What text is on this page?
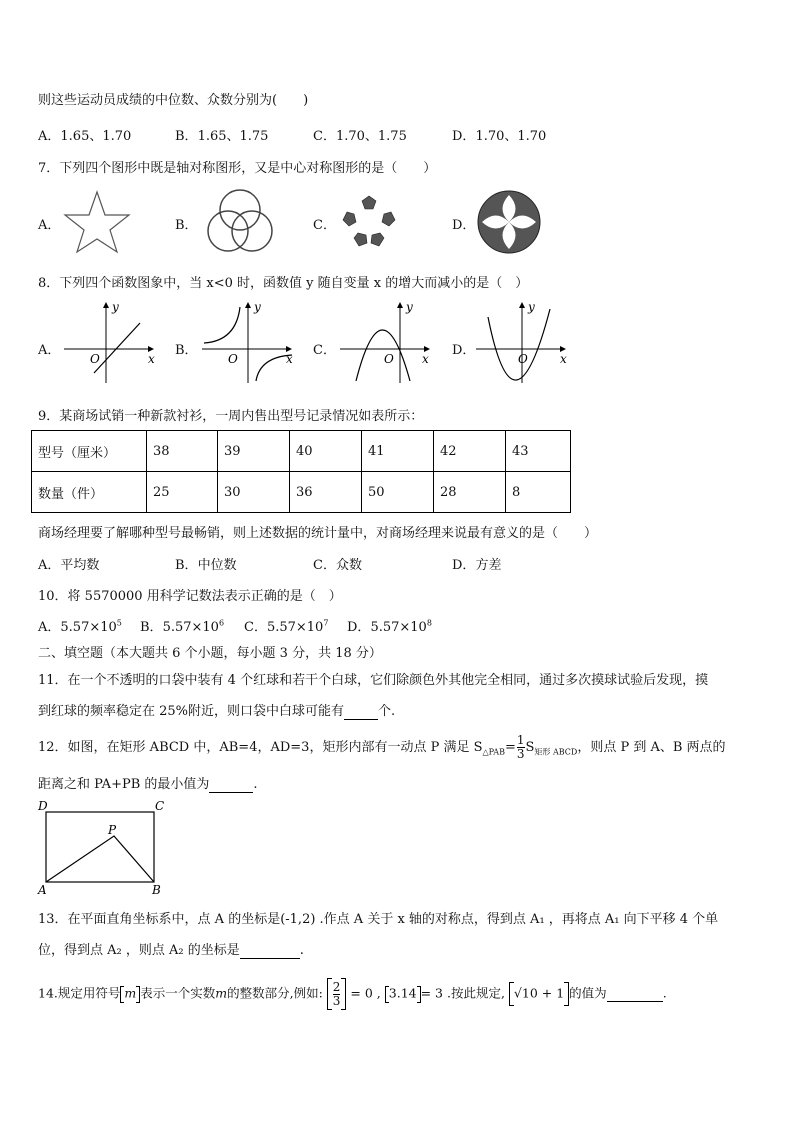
则这些运动员成绩的中位数、众数分别为(　　)
A．1.65、1.70	B．1.65、1.75	C．1.70、1.75	D．1.70、1.70
7．下列四个图形中既是轴对称图形，又是中心对称图形的是（　　）
A．	B．	C．	D．
8．下列四个函数图象中，当 x<0 时，函数值 y 随自变量 x 的增大而减小的是（　）
A．	B．	C．	D．
y
x
O
y
x
O
y
x
O
y
x
O
9．某商场试销一种新款衬衫，一周内售出型号记录情况如表所示：
型号（厘米）	38	39	40	41	42	43
数量（件）	25	30	36	50	28	8
商场经理要了解哪种型号最畅销，则上述数据的统计量中，对商场经理来说最有意义的是（　　）
A．平均数	B．中位数	C．众数	D．方差
10．将 5570000 用科学记数法表示正确的是（　）
A．$5.57\times 10^5$ B．$5.57\times 10^6$ C．$5.57\times 10^7$ D．$5.57\times 10^8$
二、填空题（本大题共 6 个小题，每小题 3 分，共 18 分）
11．在一个不透明的口袋中装有 4 个红球和若干个白球，它们除颜色外其他完全相同，通过多次摸球试验后发现，摸
到红球的频率稳定在 25%附近，则口袋中白球可能有	个.
12．如图，在矩形 ABCD 中，AB=4，AD=3，矩形内部有一动点 P 满足 $S_{\triangle PAB}= \frac{1}{3} S_{矩形 ABCD}$，则点 P 到 A、B 两点的
距离之和 PA+PB 的最小值为	.
D	C
P
A	B
13．在平面直角坐标系中，点 A 的坐标是(-1,2) .作点 A 关于 x 轴的对称点，得到点 A₁ ，再将点 A₁ 向下平移 4 个单
位，得到点 A₂ ，则点 A₂ 的坐标是	.
14.规定用符号 m 表示一个实数m的整数部分,例如: $\frac{2}{3} = 0$ , 3.14 = 3 .按此规定, √10 + 1 的值为	.
